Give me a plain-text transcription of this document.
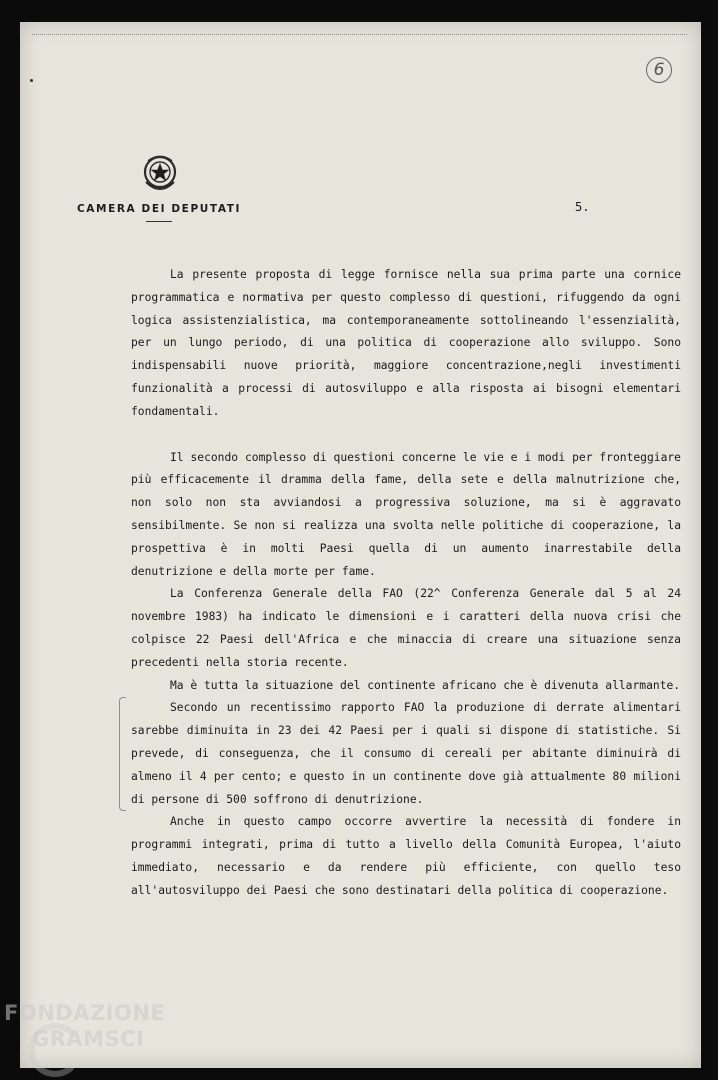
6
CAMERA DEI DEPUTATI	5.

La presente proposta di legge fornisce nella sua prima parte una cornice programmatica e normativa per questo complesso di questioni, rifuggendo da ogni logica assistenzialistica, ma contemporaneamente sottolineando l'essenzialità, per un lungo periodo, di una politica di cooperazione allo sviluppo. Sono indispensabili nuove priorità, maggiore concentrazione,negli investimenti funzionalità a processi di autosviluppo e alla risposta ai bisogni elementari fondamentali.

Il secondo complesso di questioni concerne le vie e i modi per fronteggiare più efficacemente il dramma della fame, della sete e della malnutrizione che, non solo non sta avviandosi a progressiva soluzione, ma si è aggravato sensibilmente. Se non si realizza una svolta nelle politiche di cooperazione, la prospettiva è in molti Paesi quella di un aumento inarrestabile della denutrizione e della morte per fame.

La Conferenza Generale della FAO (22^ Conferenza Generale dal 5 al 24 novembre 1983) ha indicato le dimensioni e i caratteri della nuova crisi che colpisce 22 Paesi dell'Africa e che minaccia di creare una situazione senza precedenti nella storia recente.

Ma è tutta la situazione del continente africano che è divenuta allarmante.

Secondo un recentissimo rapporto FAO la produzione di derrate alimentari sarebbe diminuita in 23 dei 42 Paesi per i quali si dispone di statistiche. Si prevede, di conseguenza, che il consumo di cereali per abitante diminuirà di almeno il 4 per cento; e questo in un continente dove già attualmente 80 milioni di persone di 500 soffrono di denutrizione.

Anche in questo campo occorre avvertire la necessità di fondere in programmi integrati, prima di tutto a livello della Comunità Europea, l'aiuto immediato, necessario e da rendere più efficiente, con quello teso all'autosviluppo dei Paesi che sono destinatari della politica di cooperazione.

FONDAZIONE
GRAMSCI
